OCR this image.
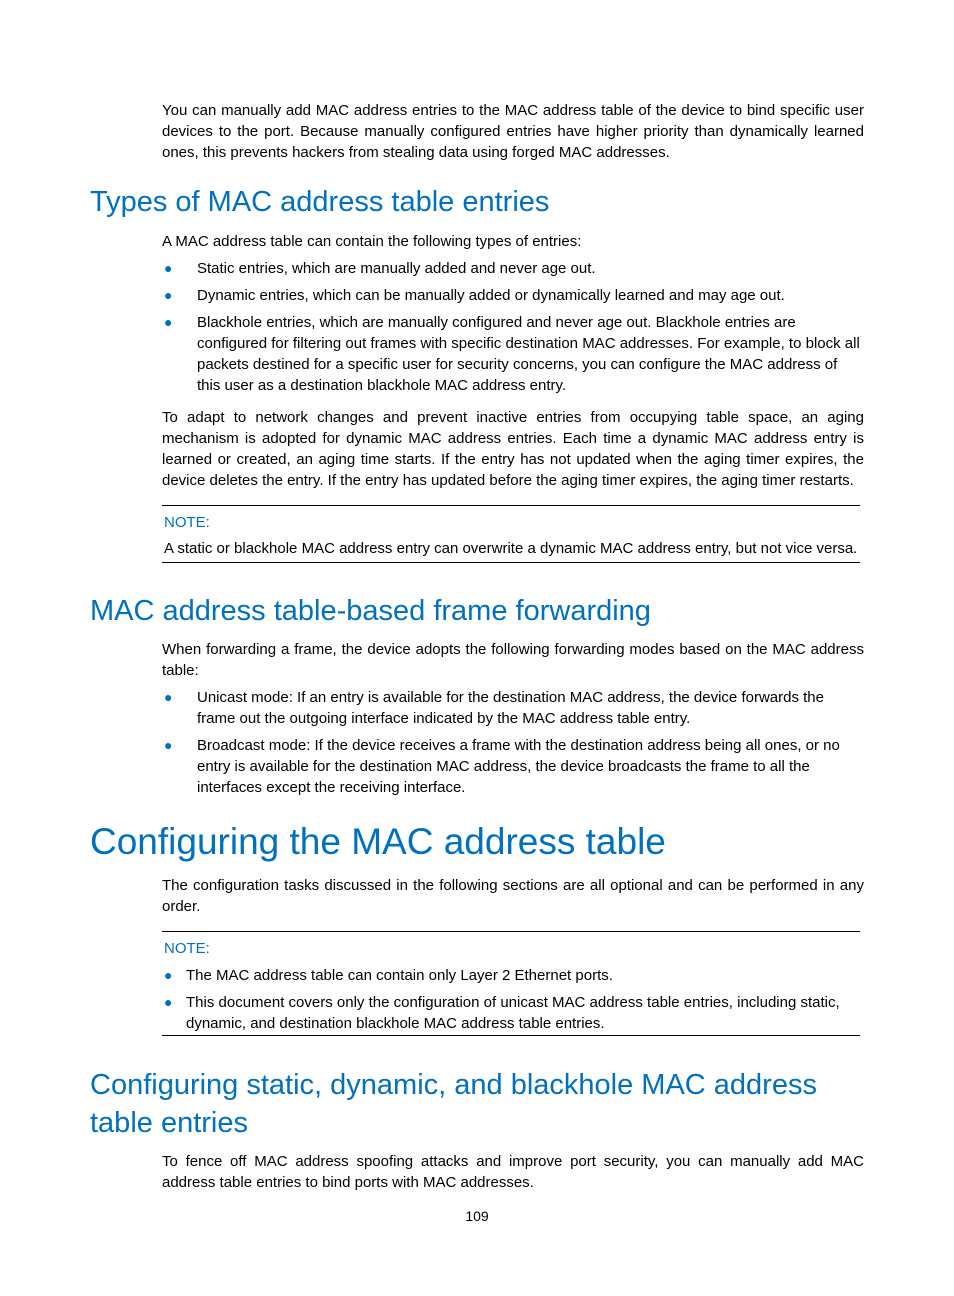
You can manually add MAC address entries to the MAC address table of the device to bind specific user devices to the port. Because manually configured entries have higher priority than dynamically learned ones, this prevents hackers from stealing data using forged MAC addresses.

Types of MAC address table entries

A MAC address table can contain the following types of entries:

● Static entries, which are manually added and never age out.
● Dynamic entries, which can be manually added or dynamically learned and may age out.
● Blackhole entries, which are manually configured and never age out. Blackhole entries are configured for filtering out frames with specific destination MAC addresses. For example, to block all packets destined for a specific user for security concerns, you can configure the MAC address of this user as a destination blackhole MAC address entry.

To adapt to network changes and prevent inactive entries from occupying table space, an aging mechanism is adopted for dynamic MAC address entries. Each time a dynamic MAC address entry is learned or created, an aging time starts. If the entry has not updated when the aging timer expires, the device deletes the entry. If the entry has updated before the aging timer expires, the aging timer restarts.

NOTE:
A static or blackhole MAC address entry can overwrite a dynamic MAC address entry, but not vice versa.
MAC address table-based frame forwarding

When forwarding a frame, the device adopts the following forwarding modes based on the MAC address table:

● Unicast mode: If an entry is available for the destination MAC address, the device forwards the frame out the outgoing interface indicated by the MAC address table entry.
● Broadcast mode: If the device receives a frame with the destination address being all ones, or no entry is available for the destination MAC address, the device broadcasts the frame to all the interfaces except the receiving interface.
Configuring the MAC address table

The configuration tasks discussed in the following sections are all optional and can be performed in any order.

NOTE:
● The MAC address table can contain only Layer 2 Ethernet ports.
● This document covers only the configuration of unicast MAC address table entries, including static, dynamic, and destination blackhole MAC address table entries.
Configuring static, dynamic, and blackhole MAC address table entries

To fence off MAC address spoofing attacks and improve port security, you can manually add MAC address table entries to bind ports with MAC addresses.

109
